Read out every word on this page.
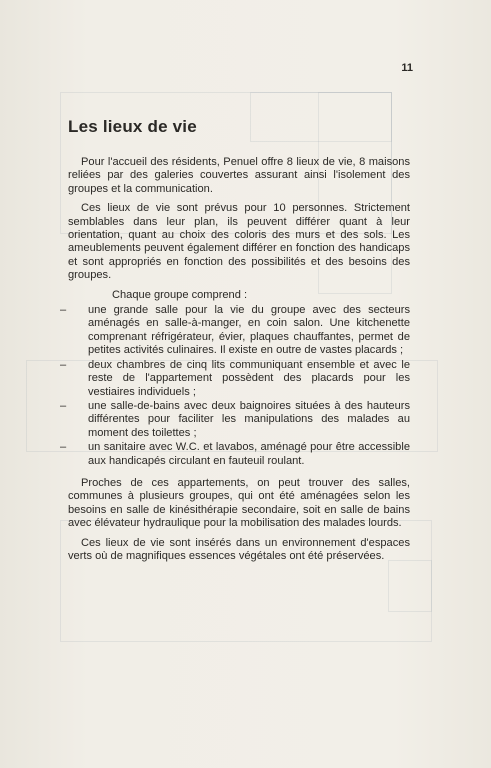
11
Les lieux de vie

Pour l'accueil des résidents, Penuel offre 8 lieux de vie, 8 maisons reliées par des galeries couvertes assurant ainsi l'isolement des groupes et la communication.

Ces lieux de vie sont prévus pour 10 personnes. Strictement semblables dans leur plan, ils peuvent différer quant à leur orientation, quant au choix des coloris des murs et des sols. Les ameublements peuvent également différer en fonction des handicaps et sont appropriés en fonction des possibilités et des besoins des groupes.

Chaque groupe comprend :

– une grande salle pour la vie du groupe avec des secteurs aménagés en salle-à-manger, en coin salon. Une kitchenette comprenant réfrigérateur, évier, plaques chauffantes, permet de petites activités culinaires. Il existe en outre de vastes placards ;
– deux chambres de cinq lits communiquant ensemble et avec le reste de l'appartement possèdent des placards pour les vestiaires individuels ;
– une salle-de-bains avec deux baignoires situées à des hauteurs différentes pour faciliter les manipulations des malades au moment des toilettes ;
– un sanitaire avec W.C. et lavabos, aménagé pour être accessible aux handicapés circulant en fauteuil roulant.

Proches de ces appartements, on peut trouver des salles, communes à plusieurs groupes, qui ont été aménagées selon les besoins en salle de kinésithérapie secondaire, soit en salle de bains avec élévateur hydraulique pour la mobilisation des malades lourds.

Ces lieux de vie sont insérés dans un environnement d'espaces verts où de magnifiques essences végétales ont été préservées.
